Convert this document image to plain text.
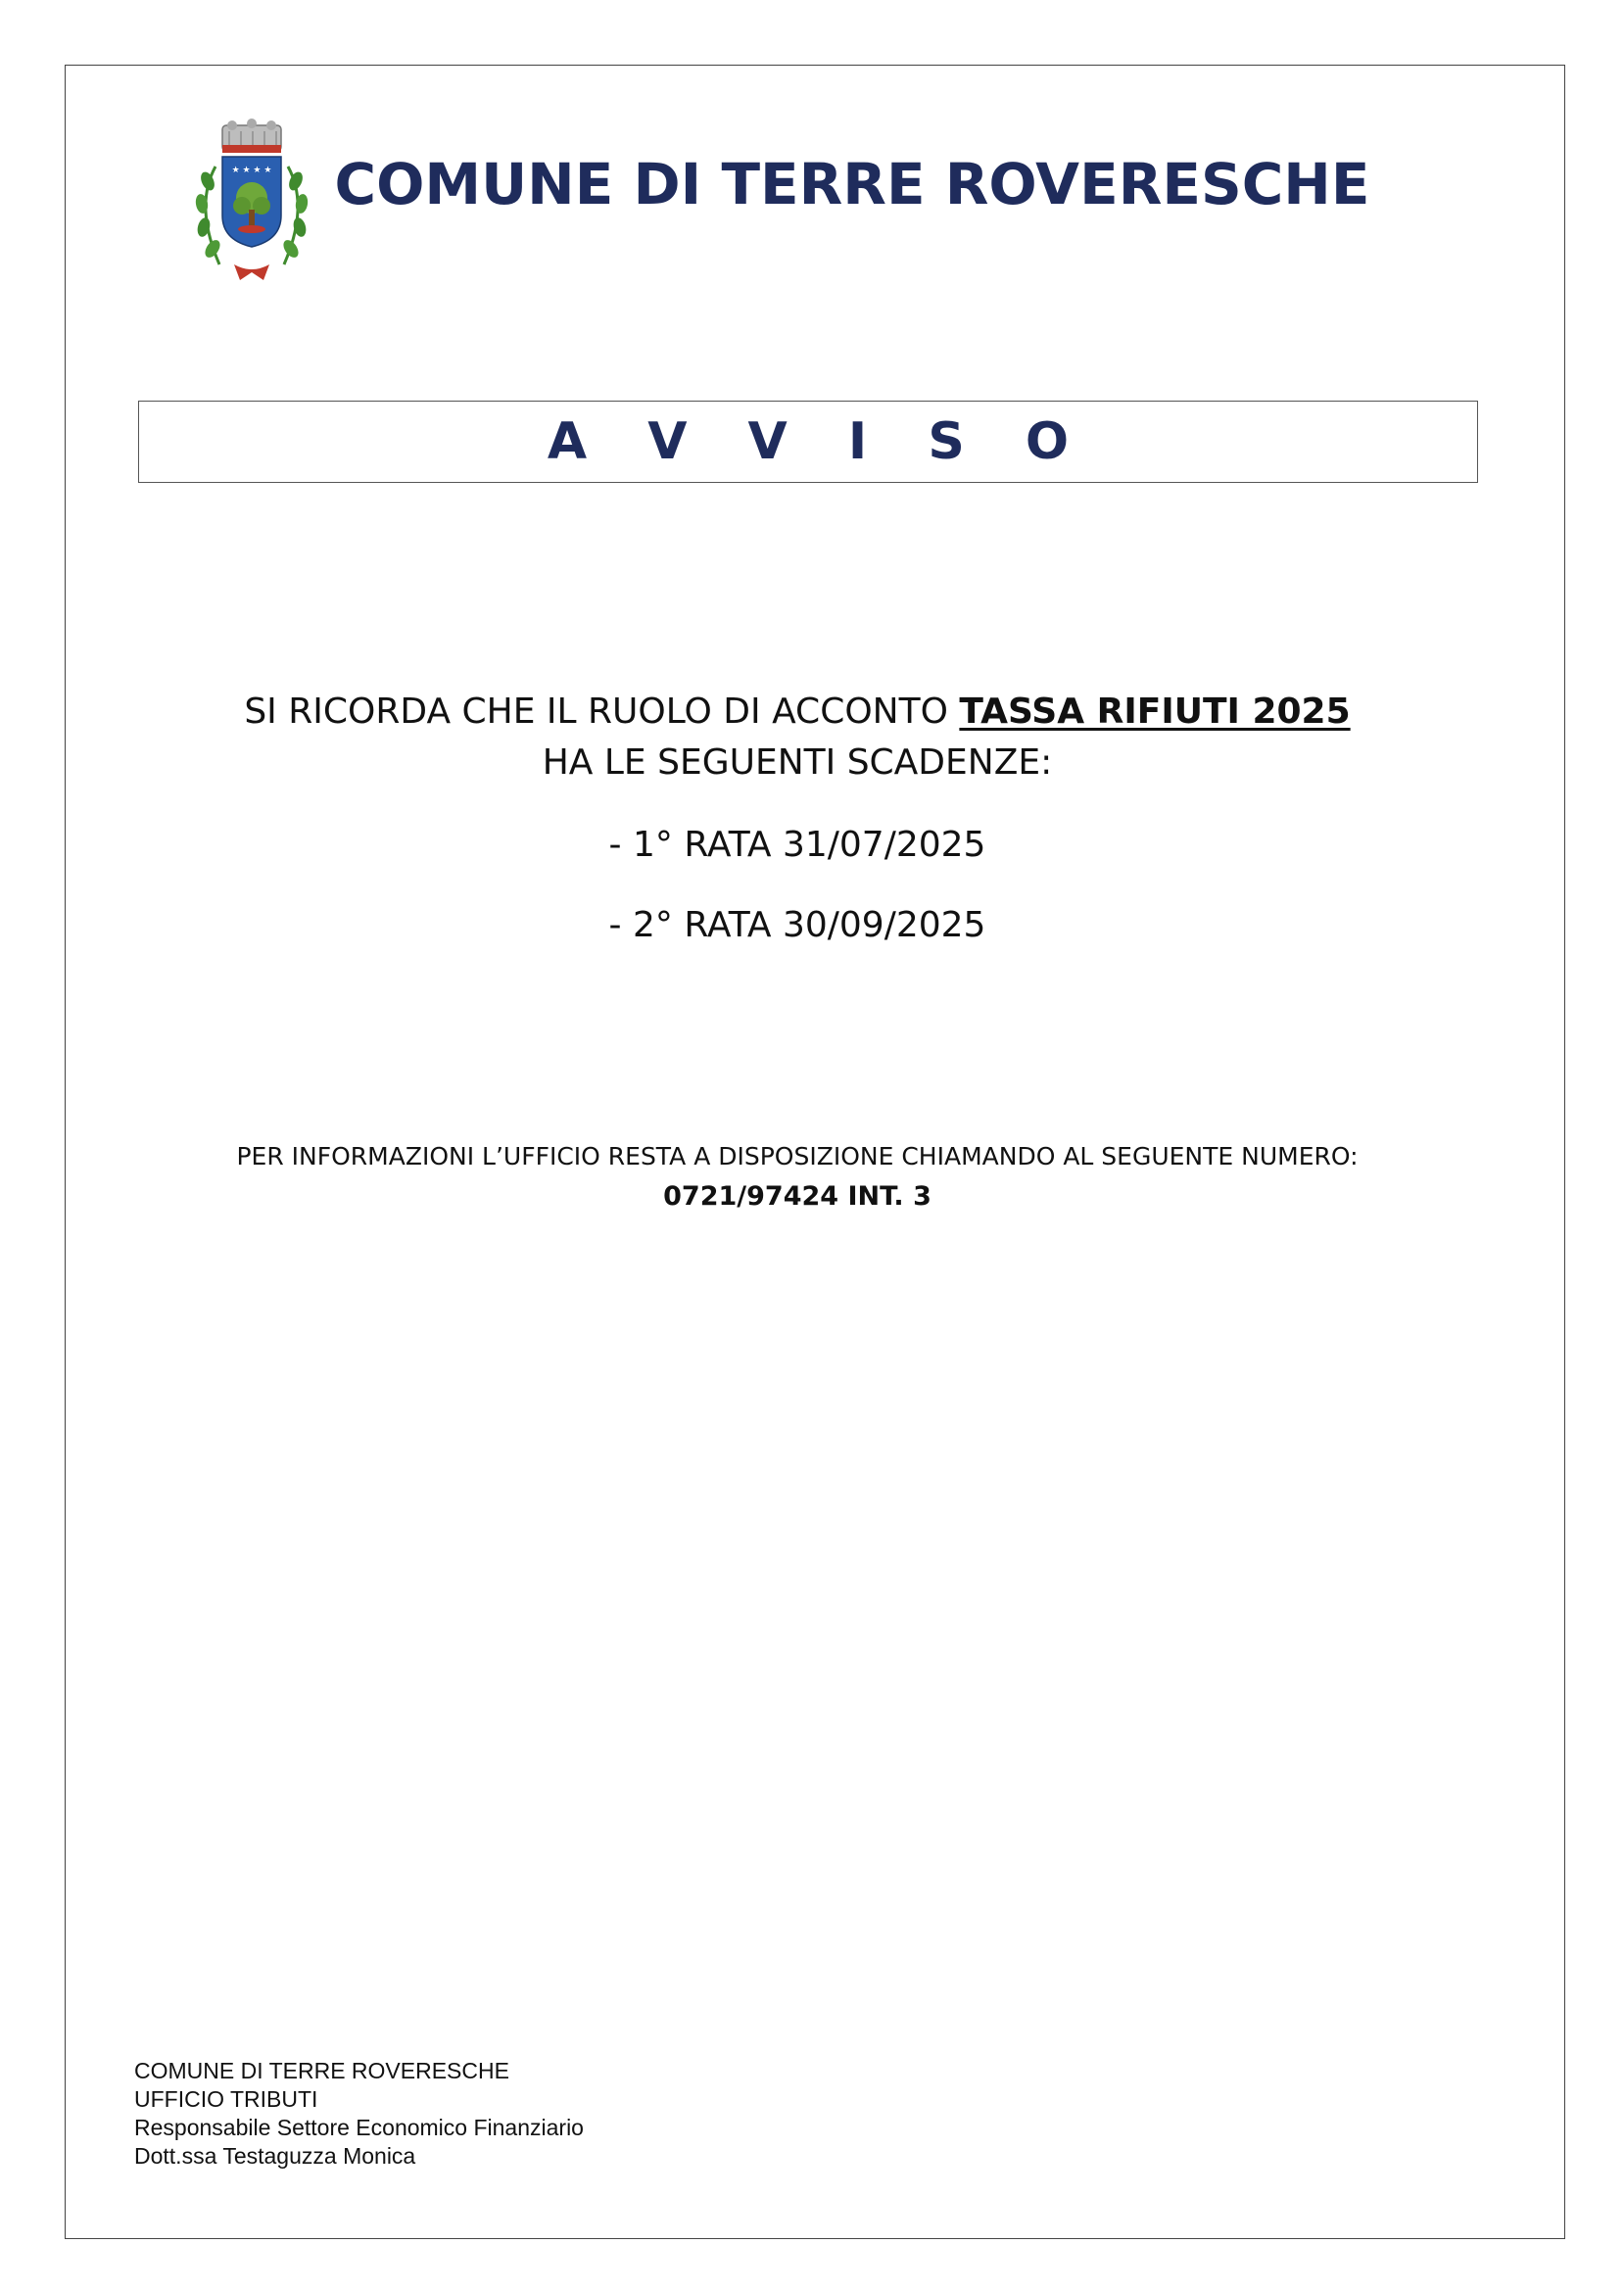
★ ★ ★ ★ COMUNE DI TERRE ROVERESCHE
A V V I S O
SI RICORDA CHE IL RUOLO DI ACCONTO TASSA RIFIUTI 2025
HA LE SEGUENTI SCADENZE:
- 1° RATA 31/07/2025
- 2° RATA 30/09/2025
PER INFORMAZIONI L’UFFICIO RESTA A DISPOSIZIONE CHIAMANDO AL SEGUENTE NUMERO:
0721/97424 INT. 3
COMUNE DI TERRE ROVERESCHE
UFFICIO TRIBUTI
Responsabile Settore Economico Finanziario
Dott.ssa Testaguzza Monica
